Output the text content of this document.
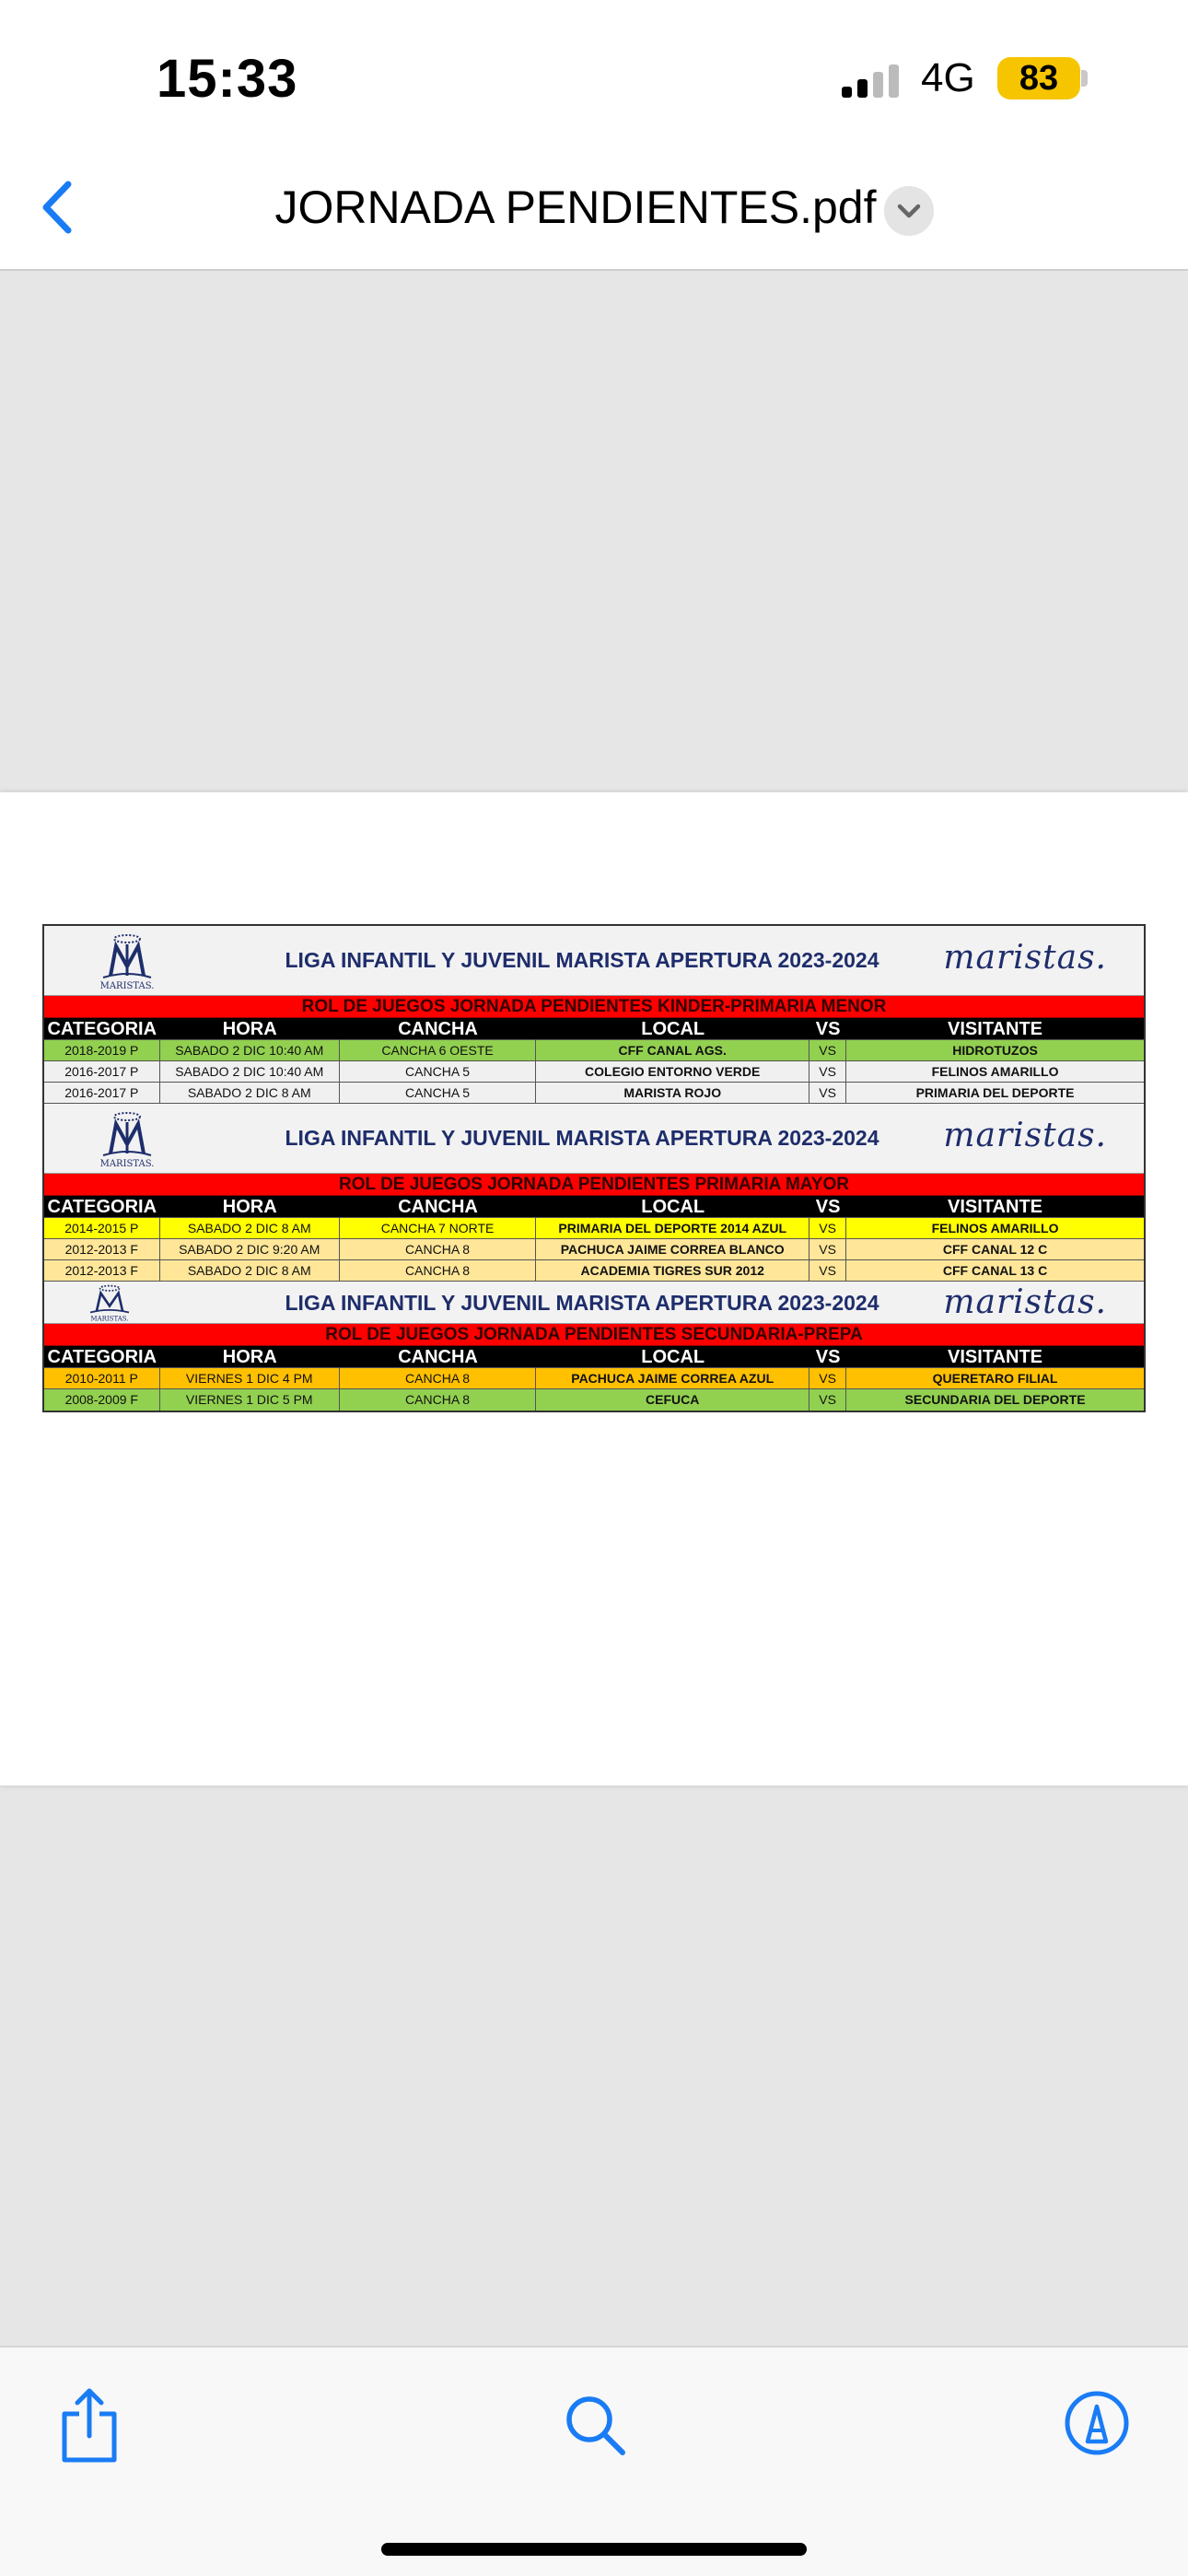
15:33	4G 83
JORNADA PENDIENTES.pdf
MARISTAS.
LIGA INFANTIL Y JUVENIL MARISTA APERTURA 2023-2024	maristas.
ROL DE JUEGOS JORNADA PENDIENTES KINDER-PRIMARIA MENOR
CATEGORIA	HORA	CANCHA	LOCAL	VS	VISITANTE
2018-2019 P	SABADO 2 DIC 10:40 AM	CANCHA 6 OESTE	CFF CANAL AGS.	VS	HIDROTUZOS
2016-2017 P	SABADO 2 DIC 10:40 AM	CANCHA 5	COLEGIO ENTORNO VERDE	VS	FELINOS AMARILLO
2016-2017 P	SABADO 2 DIC 8 AM	CANCHA 5	MARISTA ROJO	VS	PRIMARIA DEL DEPORTE
MARISTAS.
LIGA INFANTIL Y JUVENIL MARISTA APERTURA 2023-2024	maristas.
ROL DE JUEGOS JORNADA PENDIENTES PRIMARIA MAYOR
CATEGORIA	HORA	CANCHA	LOCAL	VS	VISITANTE
2014-2015 P	SABADO 2 DIC 8 AM	CANCHA 7 NORTE	PRIMARIA DEL DEPORTE 2014 AZUL	VS	FELINOS AMARILLO
2012-2013 F	SABADO 2 DIC 9:20 AM	CANCHA 8	PACHUCA JAIME CORREA BLANCO	VS	CFF CANAL 12 C
2012-2013 F	SABADO 2 DIC 8 AM	CANCHA 8	ACADEMIA TIGRES SUR 2012	VS	CFF CANAL 13 C
MARISTAS.
LIGA INFANTIL Y JUVENIL MARISTA APERTURA 2023-2024	maristas.
ROL DE JUEGOS JORNADA PENDIENTES SECUNDARIA-PREPA
CATEGORIA	HORA	CANCHA	LOCAL	VS	VISITANTE
2010-2011 P	VIERNES 1 DIC 4 PM	CANCHA 8	PACHUCA JAIME CORREA AZUL	VS	QUERETARO FILIAL
2008-2009 F	VIERNES 1 DIC 5 PM	CANCHA 8	CEFUCA	VS	SECUNDARIA DEL DEPORTE
